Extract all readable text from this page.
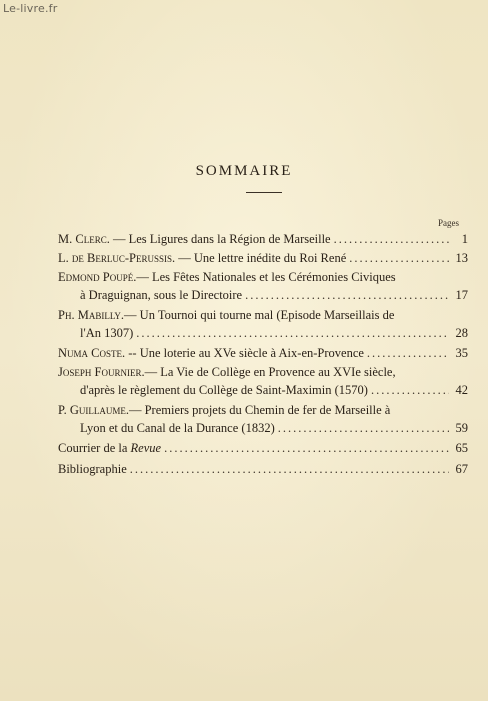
Le-livre.fr
SOMMAIRE
Pages
M. Clerc. — Les Ligures dans la Région de Marseille .....	1
L. de Berluc-Perussis. — Une lettre inédite du Roi René .....	13
Edmond Poupé. — Les Fêtes Nationales et les Cérémonies Civiques
à Draguignan, sous le Directoire .....	17
Ph. Mabilly. — Un Tournoi qui tourne mal (Episode Marseillais de
l'An 1307) .....	28
Numa Coste. -- Une loterie au XVe siècle à Aix-en-Provence .....	35
Joseph Fournier. — La Vie de Collège en Provence au XVIe siècle,
d'après le règlement du Collège de Saint-Maximin (1570) .....	42
P. Guillaume. — Premiers projets du Chemin de fer de Marseille à
Lyon et du Canal de la Durance (1832) .....	59
Courrier de la Revue .....	65
Bibliographie .....	67
